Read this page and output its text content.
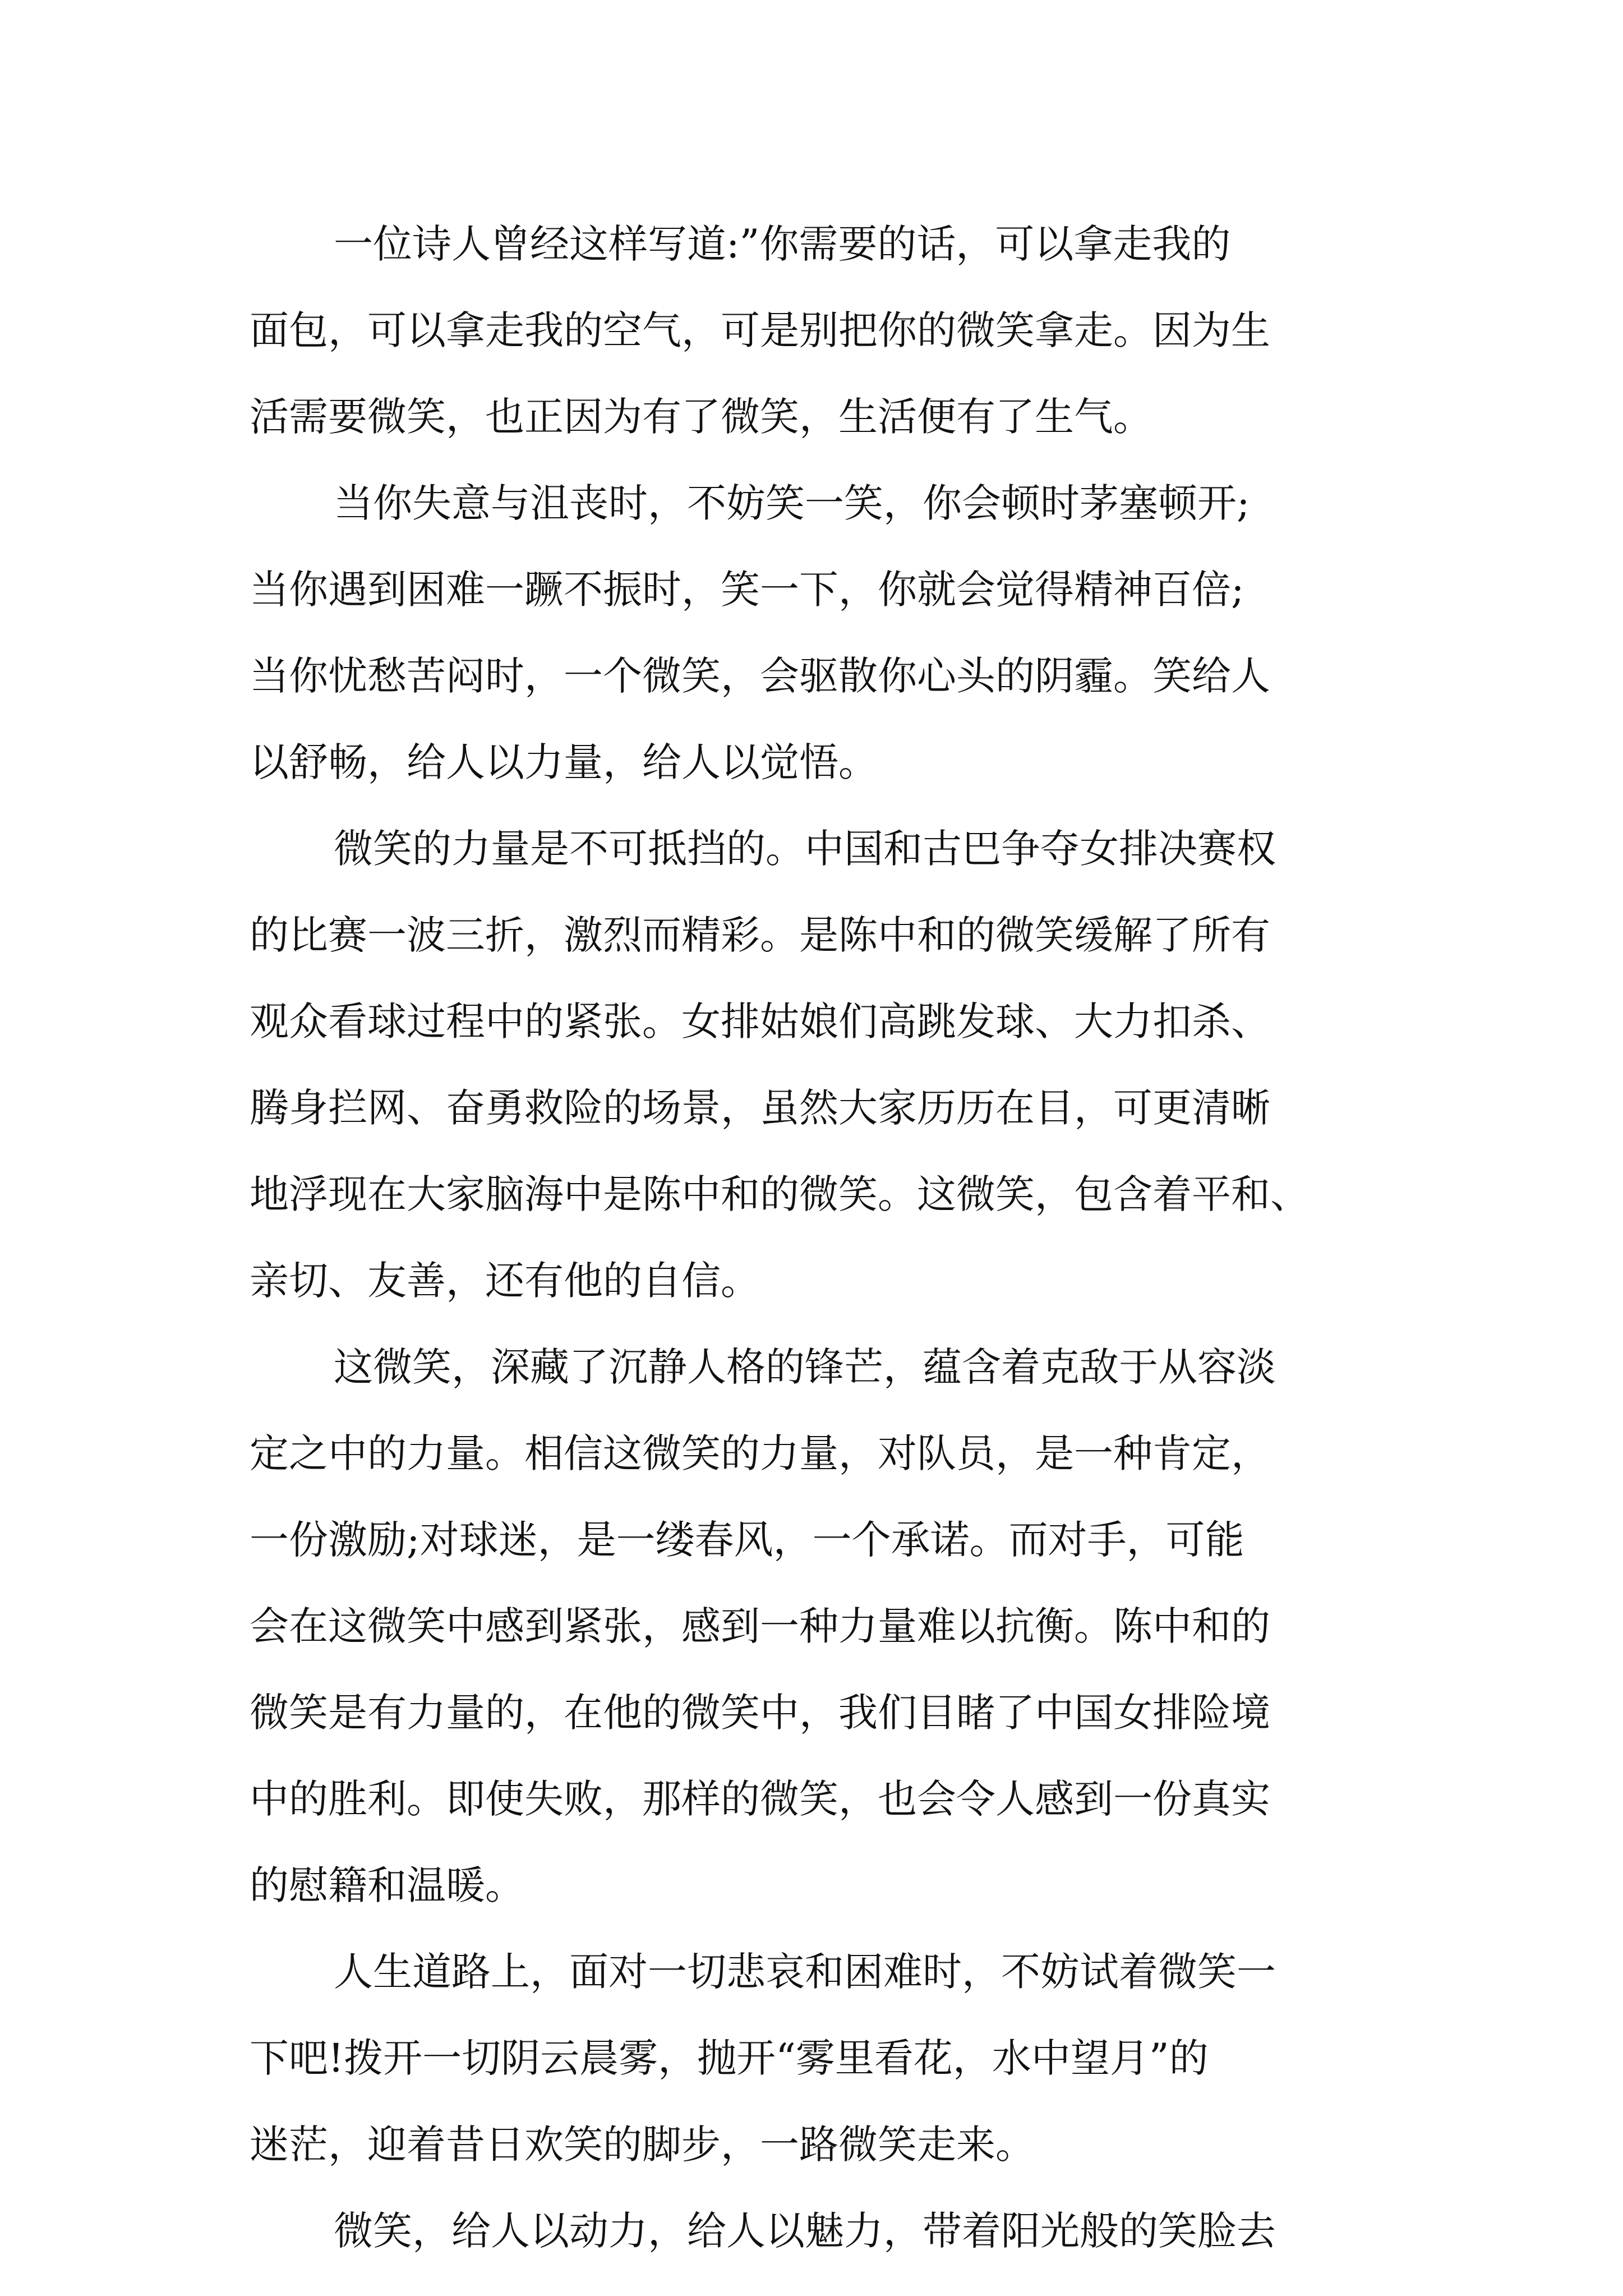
一位诗人曾经这样写道:”你需要的话，可以拿走我的
面包，可以拿走我的空气，可是别把你的微笑拿走。因为生
活需要微笑，也正因为有了微笑，生活便有了生气。
当你失意与沮丧时，不妨笑一笑，你会顿时茅塞顿开;
当你遇到困难一蹶不振时，笑一下，你就会觉得精神百倍;
当你忧愁苦闷时，一个微笑，会驱散你心头的阴霾。笑给人
以舒畅，给人以力量，给人以觉悟。
微笑的力量是不可抵挡的。中国和古巴争夺女排决赛权
的比赛一波三折，激烈而精彩。是陈中和的微笑缓解了所有
观众看球过程中的紧张。女排姑娘们高跳发球、大力扣杀、
腾身拦网、奋勇救险的场景，虽然大家历历在目，可更清晰
地浮现在大家脑海中是陈中和的微笑。这微笑，包含着平和、
亲切、友善，还有他的自信。
这微笑，深藏了沉静人格的锋芒，蕴含着克敌于从容淡
定之中的力量。相信这微笑的力量，对队员，是一种肯定，
一份激励;对球迷，是一缕春风，一个承诺。而对手，可能
会在这微笑中感到紧张，感到一种力量难以抗衡。陈中和的
微笑是有力量的，在他的微笑中，我们目睹了中国女排险境
中的胜利。即使失败，那样的微笑，也会令人感到一份真实
的慰籍和温暖。
人生道路上，面对一切悲哀和困难时，不妨试着微笑一
下吧!拨开一切阴云晨雾，抛开“雾里看花，水中望月”的
迷茫，迎着昔日欢笑的脚步，一路微笑走来。
微笑，给人以动力，给人以魅力，带着阳光般的笑脸去
